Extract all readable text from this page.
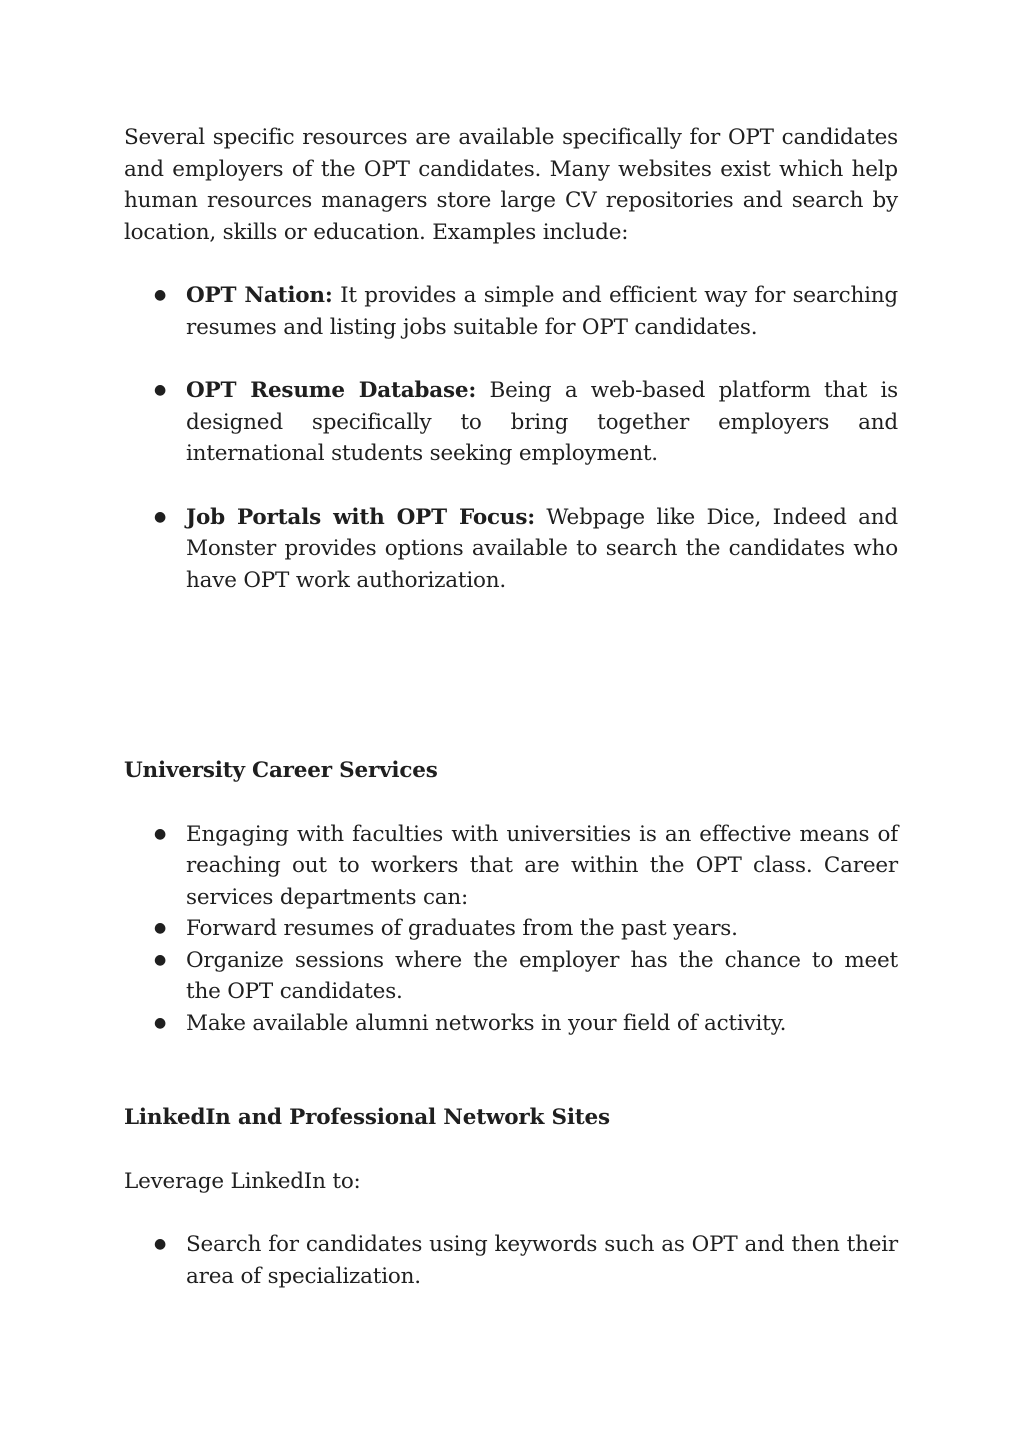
Several specific resources are available specifically for OPT candidates and employers of the OPT candidates. Many websites exist which help human resources managers store large CV repositories and search by location, skills or education. Examples include:

● OPT Nation: It provides a simple and efficient way for searching resumes and listing jobs suitable for OPT candidates.
● OPT Resume Database: Being a web-based platform that is designed specifically to bring together employers and international students seeking employment.
● Job Portals with OPT Focus: Webpage like Dice, Indeed and Monster provides options available to search the candidates who have OPT work authorization.
University Career Services
● Engaging with faculties with universities is an effective means of reaching out to workers that are within the OPT class. Career services departments can:
● Forward resumes of graduates from the past years.
● Organize sessions where the employer has the chance to meet the OPT candidates.
● Make available alumni networks in your field of activity.
LinkedIn and Professional Network Sites

Leverage LinkedIn to:

● Search for candidates using keywords such as OPT and then their area of specialization.
